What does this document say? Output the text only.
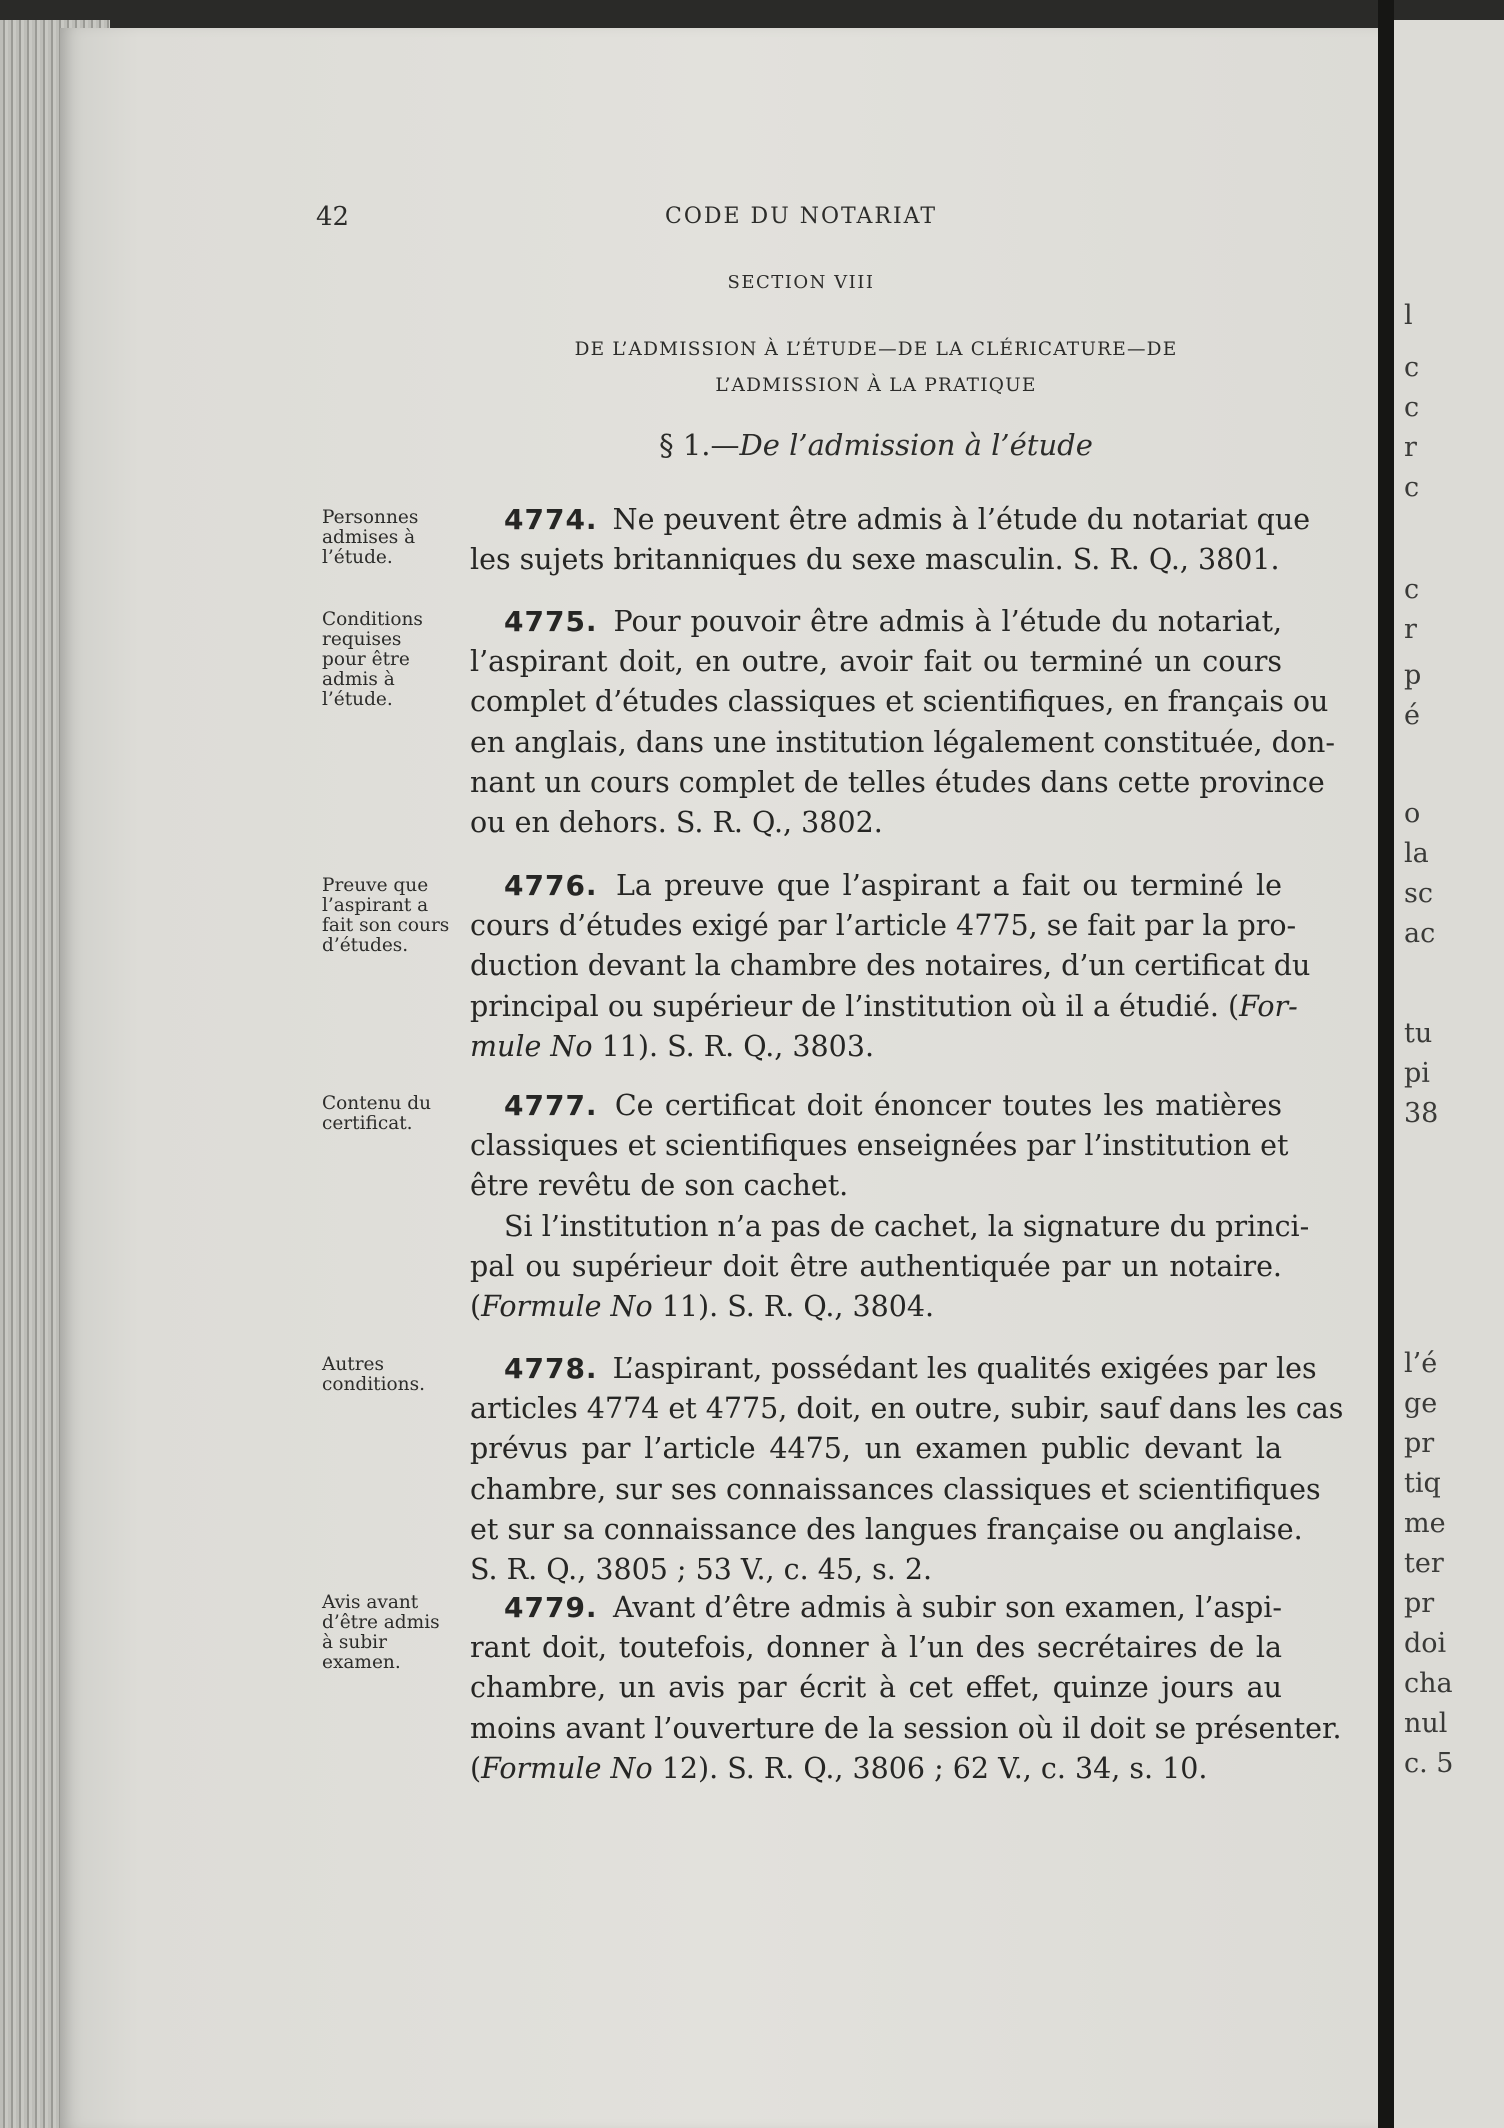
l
c
c
r
c
c
r
p
é
o
la
sc
ac
tu
pi
38
l’é
ge
pr
tiq
me
ter
pr
doi
cha
nul
c. 5
42	CODE DU NOTARIAT
SECTION VIII
DE L’ADMISSION À L’ÉTUDE—DE LA CLÉRICATURE—DE
L’ADMISSION À LA PRATIQUE
§ 1.—De l’admission à l’étude
Personnes admises à l’étude.
4774. Ne peuvent être admis à l’étude du notariat que
les sujets britanniques du sexe masculin. S. R. Q., 3801.
Conditions requises pour être admis à l’étude.
4775. Pour pouvoir être admis à l’étude du notariat,
l’aspirant doit, en outre, avoir fait ou terminé un cours
complet d’études classiques et scientifiques, en français ou
en anglais, dans une institution légalement constituée, don-
nant un cours complet de telles études dans cette province
ou en dehors. S. R. Q., 3802.
Preuve que l’aspirant a fait son cours d’études.
4776. La preuve que l’aspirant a fait ou terminé le
cours d’études exigé par l’article 4775, se fait par la pro-
duction devant la chambre des notaires, d’un certificat du
principal ou supérieur de l’institution où il a étudié. (For-
mule No 11). S. R. Q., 3803.
Contenu du certificat.
4777. Ce certificat doit énoncer toutes les matières
classiques et scientifiques enseignées par l’institution et
être revêtu de son cachet.
Si l’institution n’a pas de cachet, la signature du princi-
pal ou supérieur doit être authentiquée par un notaire.
(Formule No 11). S. R. Q., 3804.
Autres conditions.	4778. L’aspirant, possédant les qualités exigées par les
articles 4774 et 4775, doit, en outre, subir, sauf dans les cas
prévus par l’article 4475, un examen public devant la
chambre, sur ses connaissances classiques et scientifiques
et sur sa connaissance des langues française ou anglaise.
S. R. Q., 3805 ; 53 V., c. 45, s. 2.
Avis avant d’être admis à subir examen.
4779. Avant d’être admis à subir son examen, l’aspi-
rant doit, toutefois, donner à l’un des secrétaires de la
chambre, un avis par écrit à cet effet, quinze jours au
moins avant l’ouverture de la session où il doit se présenter.
(Formule No 12). S. R. Q., 3806 ; 62 V., c. 34, s. 10.
